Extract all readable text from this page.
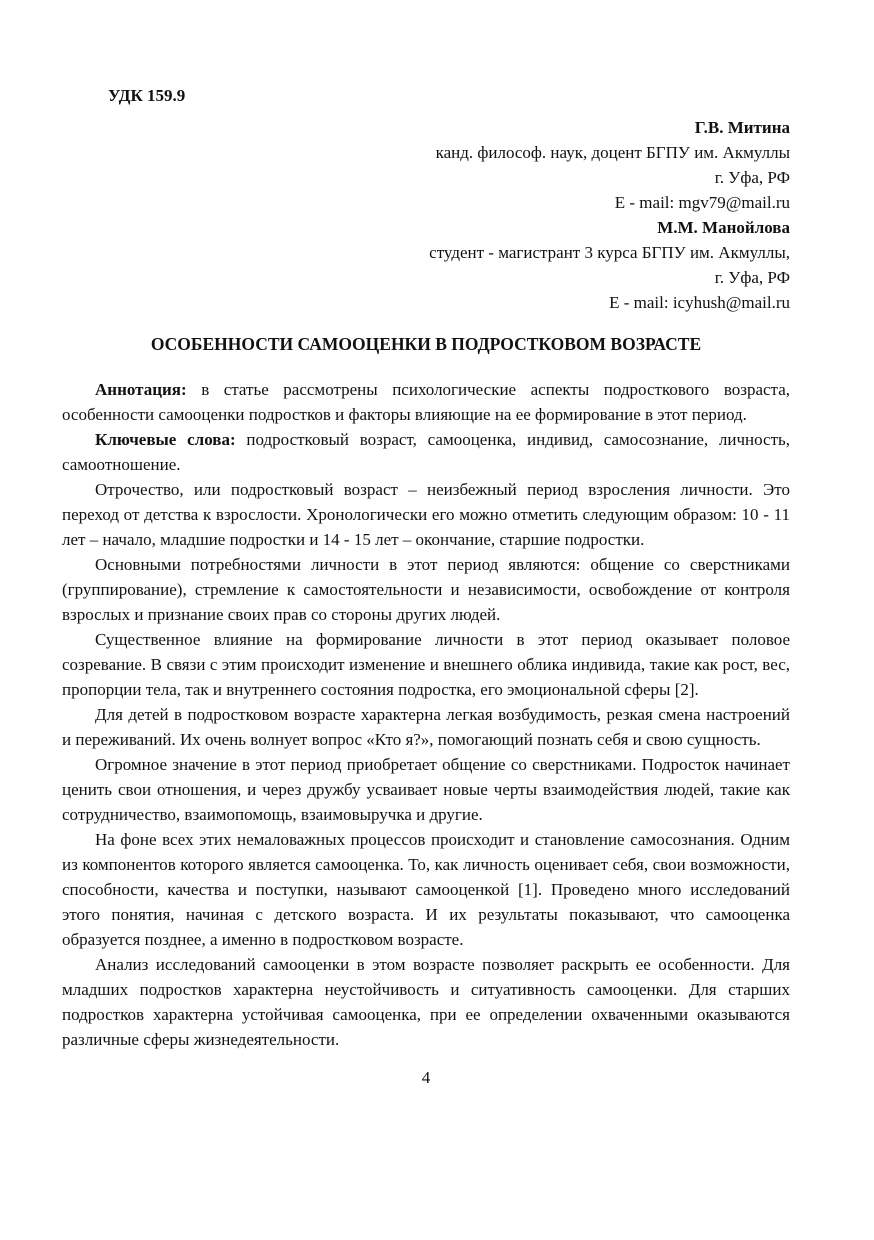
УДК 159.9
Г.В. Митина
канд. философ. наук, доцент БГПУ им. Акмуллы
г. Уфа, РФ
E - mail: mgv79@mail.ru
М.М. Манойлова
студент - магистрант 3 курса БГПУ им. Акмуллы,
г. Уфа, РФ
E - mail: icyhush@mail.ru
ОСОБЕННОСТИ САМООЦЕНКИ В ПОДРОСТКОВОМ ВОЗРАСТЕ

Аннотация: в статье рассмотрены психологические аспекты подросткового возраста, особенности самооценки подростков и факторы влияющие на ее формирование в этот период.

Ключевые слова: подростковый возраст, самооценка, индивид, самосознание, личность, самоотношение.

Отрочество, или подростковый возраст – неизбежный период взросления личности. Это переход от детства к взрослости. Хронологически его можно отметить следующим образом: 10 - 11 лет – начало, младшие подростки и 14 - 15 лет – окончание, старшие подростки.

Основными потребностями личности в этот период являются: общение со сверстниками (группирование), стремление к самостоятельности и независимости, освобождение от контроля взрослых и признание своих прав со стороны других людей.

Существенное влияние на формирование личности в этот период оказывает половое созревание. В связи с этим происходит изменение и внешнего облика индивида, такие как рост, вес, пропорции тела, так и внутреннего состояния подростка, его эмоциональной сферы [2].

Для детей в подростковом возрасте характерна легкая возбудимость, резкая смена настроений и переживаний. Их очень волнует вопрос «Кто я?», помогающий познать себя и свою сущность.

Огромное значение в этот период приобретает общение со сверстниками. Подросток начинает ценить свои отношения, и через дружбу усваивает новые черты взаимодействия людей, такие как сотрудничество, взаимопомощь, взаимовыручка и другие.

На фоне всех этих немаловажных процессов происходит и становление самосознания. Одним из компонентов которого является самооценка. То, как личность оценивает себя, свои возможности, способности, качества и поступки, называют самооценкой [1]. Проведено много исследований этого понятия, начиная с детского возраста. И их результаты показывают, что самооценка образуется позднее, а именно в подростковом возрасте.

Анализ исследований самооценки в этом возрасте позволяет раскрыть ее особенности. Для младших подростков характерна неустойчивость и ситуативность самооценки. Для старших подростков характерна устойчивая самооценка, при ее определении охваченными оказываются различные сферы жизнедеятельности.

4
